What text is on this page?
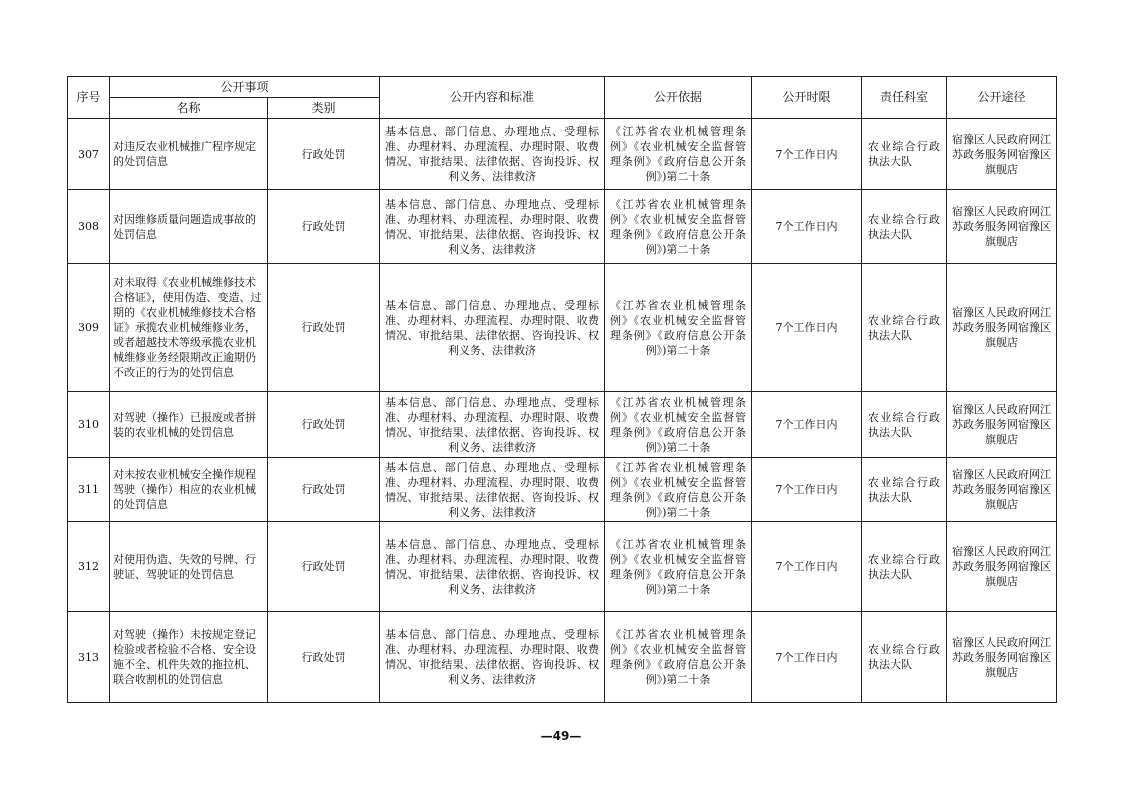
序号	公开事项		公开内容和标准	公开依据	公开时限	责任科室	公开途径
	名称	类别					
307	对违反农业机械推广程序规定的处罚信息	行政处罚	基本信息、部门信息、办理地点、受理标准、办理材料、办理流程、办理时限、收费情况、审批结果、法律依据、咨询投诉、权利义务、法律救济	《江苏省农业机械管理条例》《农业机械安全监督管理条例》《政府信息公开条例》)第二十条	7个工作日内	农业综合行政执法大队	宿豫区人民政府网江苏政务服务网宿豫区旗舰店
308	对因维修质量问题造成事故的处罚信息	行政处罚	基本信息、部门信息、办理地点、受理标准、办理材料、办理流程、办理时限、收费情况、审批结果、法律依据、咨询投诉、权利义务、法律救济	《江苏省农业机械管理条例》《农业机械安全监督管理条例》《政府信息公开条例》)第二十条	7个工作日内	农业综合行政执法大队	宿豫区人民政府网江苏政务服务网宿豫区旗舰店
309	对未取得《农业机械维修技术合格证》，使用伪造、变造、过期的《农业机械维修技术合格证》承揽农业机械维修业务，或者超越技术等级承揽农业机械维修业务经限期改正逾期仍不改正的行为的处罚信息	行政处罚	基本信息、部门信息、办理地点、受理标准、办理材料、办理流程、办理时限、收费情况、审批结果、法律依据、咨询投诉、权利义务、法律救济	《江苏省农业机械管理条例》《农业机械安全监督管理条例》《政府信息公开条例》)第二十条	7个工作日内	农业综合行政执法大队	宿豫区人民政府网江苏政务服务网宿豫区旗舰店
310	对驾驶（操作）已报废或者拼装的农业机械的处罚信息	行政处罚	基本信息、部门信息、办理地点、受理标准、办理材料、办理流程、办理时限、收费情况、审批结果、法律依据、咨询投诉、权利义务、法律救济	《江苏省农业机械管理条例》《农业机械安全监督管理条例》《政府信息公开条例》)第二十条	7个工作日内	农业综合行政执法大队	宿豫区人民政府网江苏政务服务网宿豫区旗舰店
311	对未按农业机械安全操作规程驾驶（操作）相应的农业机械的处罚信息	行政处罚	基本信息、部门信息、办理地点、受理标准、办理材料、办理流程、办理时限、收费情况、审批结果、法律依据、咨询投诉、权利义务、法律救济	《江苏省农业机械管理条例》《农业机械安全监督管理条例》《政府信息公开条例》)第二十条	7个工作日内	农业综合行政执法大队	宿豫区人民政府网江苏政务服务网宿豫区旗舰店
312	对使用伪造、失效的号牌、行驶证、驾驶证的处罚信息	行政处罚	基本信息、部门信息、办理地点、受理标准、办理材料、办理流程、办理时限、收费情况、审批结果、法律依据、咨询投诉、权利义务、法律救济	《江苏省农业机械管理条例》《农业机械安全监督管理条例》《政府信息公开条例》)第二十条	7个工作日内	农业综合行政执法大队	宿豫区人民政府网江苏政务服务网宿豫区旗舰店
313	对驾驶（操作）未按规定登记检验或者检验不合格、安全设施不全、机件失效的拖拉机、联合收割机的处罚信息	行政处罚	基本信息、部门信息、办理地点、受理标准、办理材料、办理流程、办理时限、收费情况、审批结果、法律依据、咨询投诉、权利义务、法律救济	《江苏省农业机械管理条例》《农业机械安全监督管理条例》《政府信息公开条例》)第二十条	7个工作日内	农业综合行政执法大队	宿豫区人民政府网江苏政务服务网宿豫区旗舰店
—49—
